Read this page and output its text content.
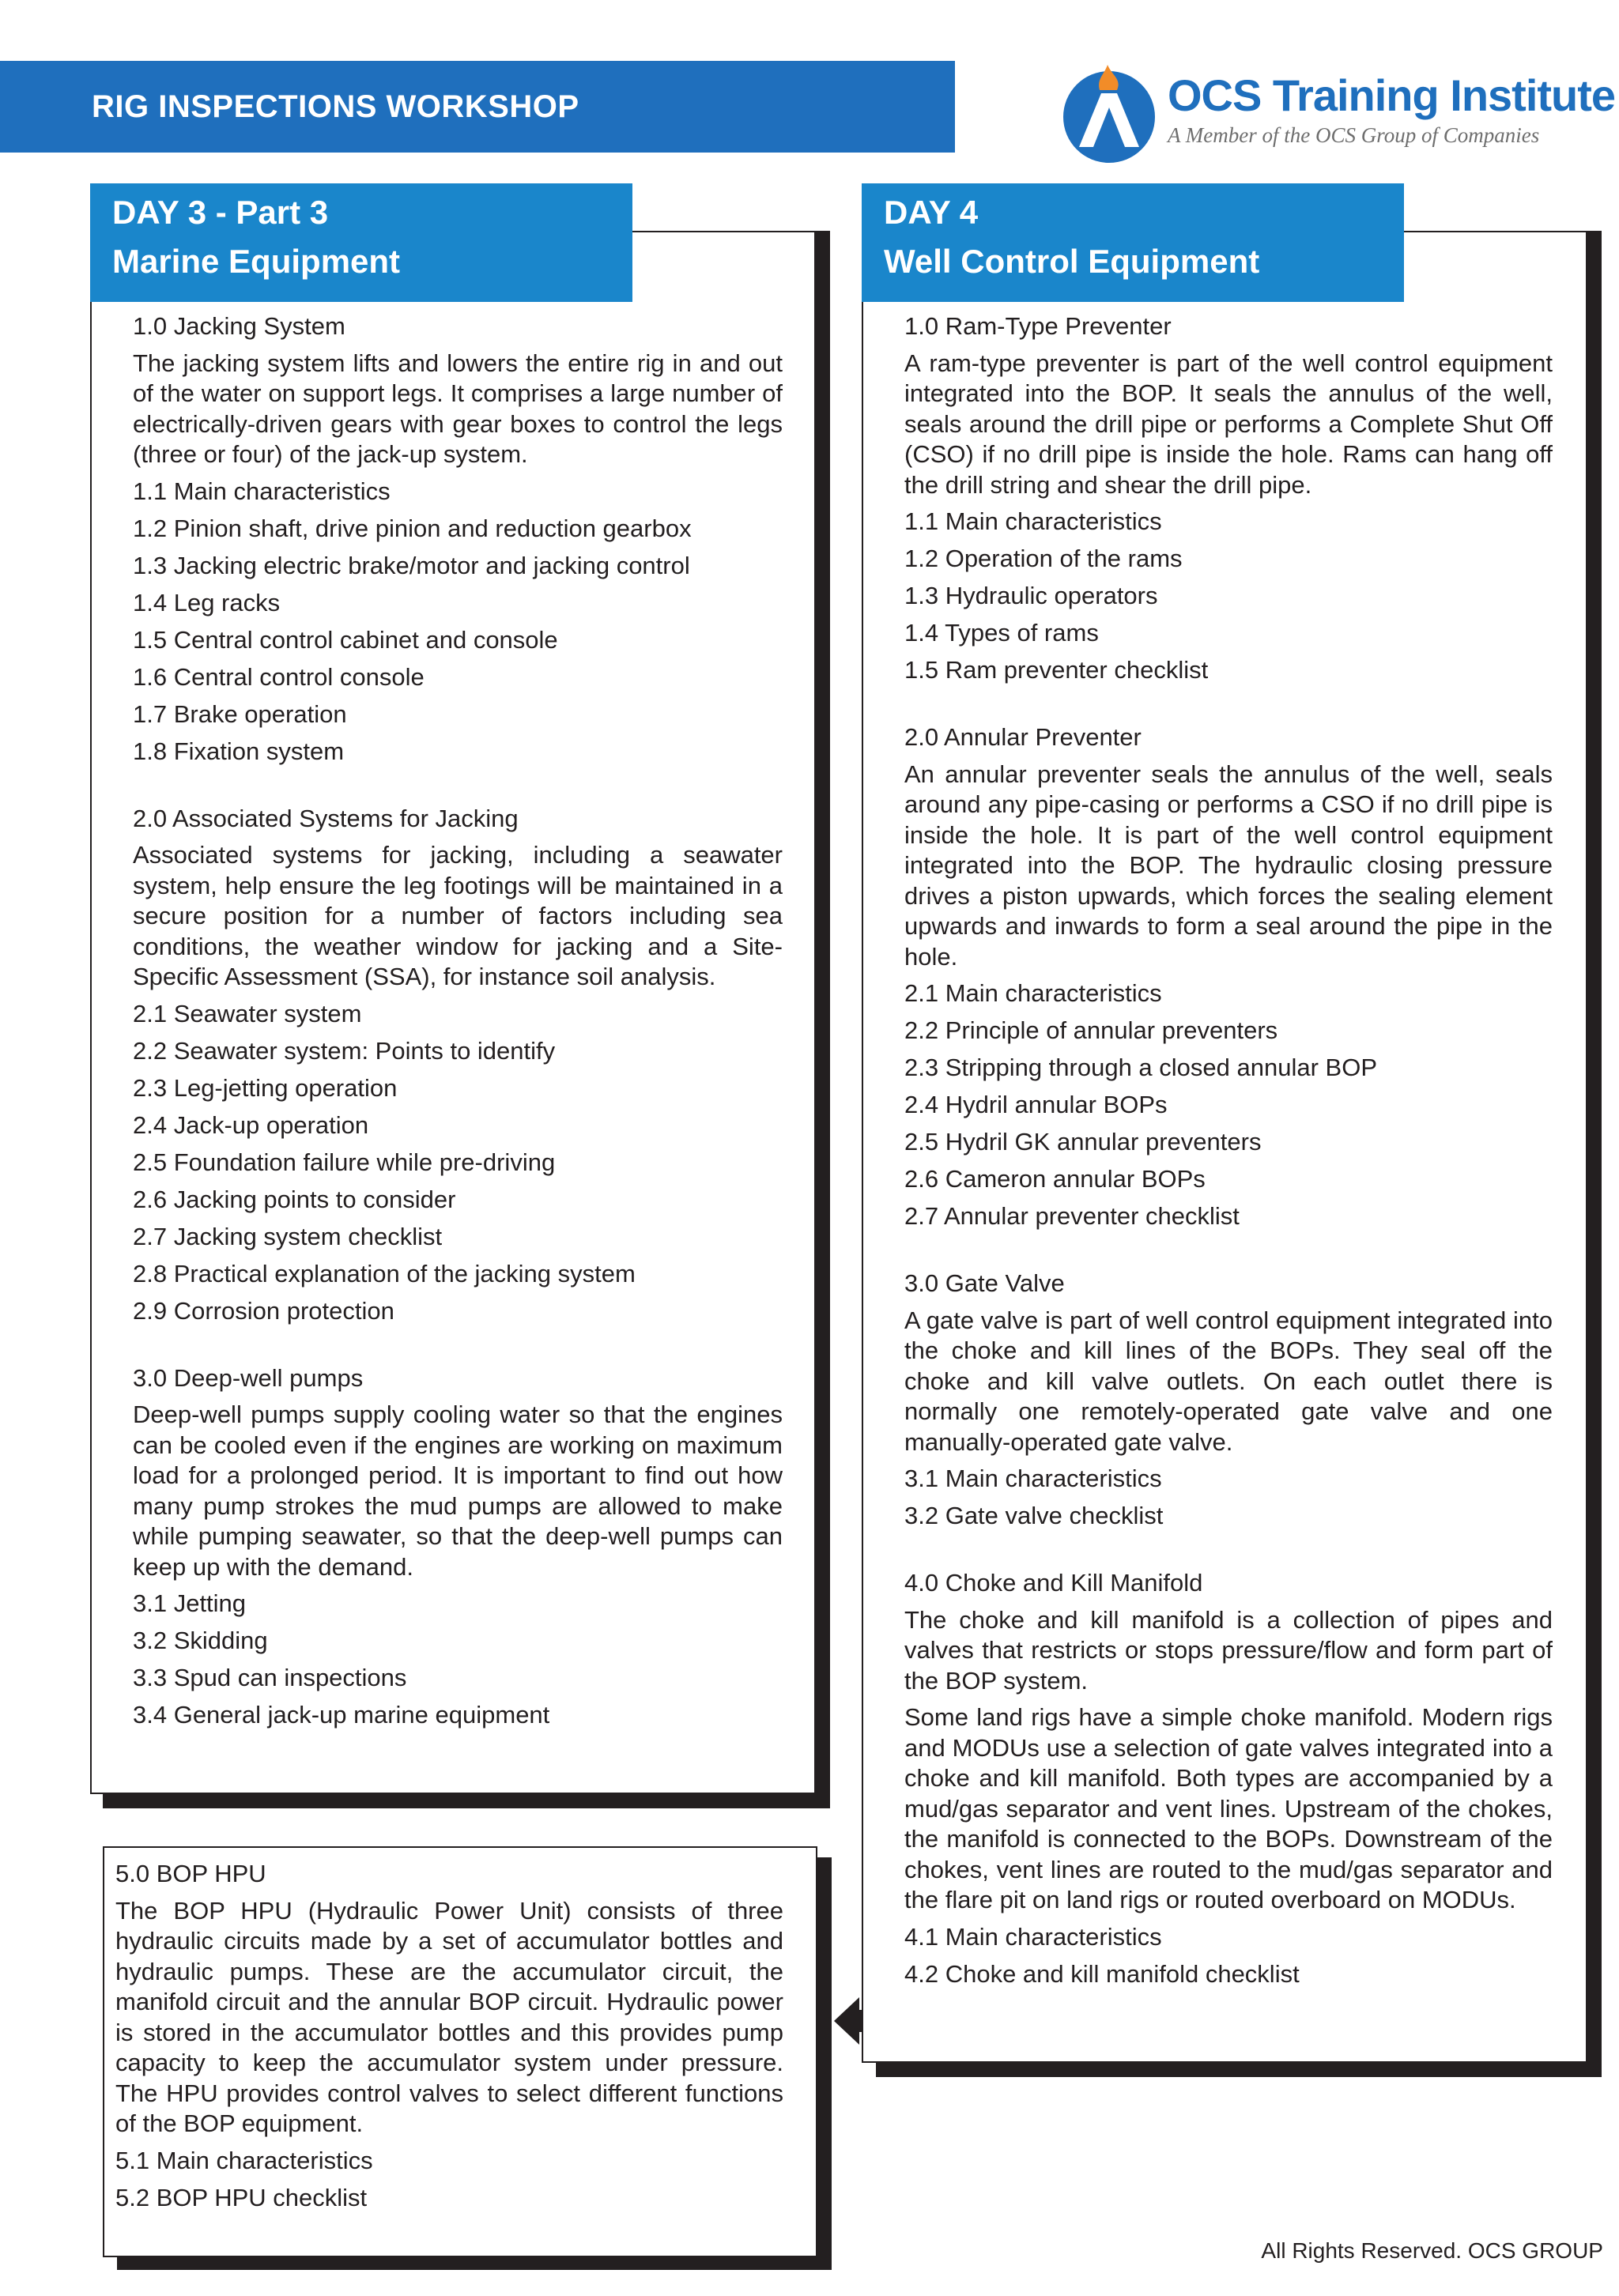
RIG INSPECTIONS WORKSHOP	OCS Training Institute
A Member of the OCS Group of Companies
DAY 3 - Part 3
Marine Equipment
1.0 Jacking System
The jacking system lifts and lowers the entire rig in and out of the water on support legs. It comprises a large number of electrically-driven gears with gear boxes to control the legs (three or four) of the jack-up system.
1.1 Main characteristics
1.2 Pinion shaft, drive pinion and reduction gearbox
1.3 Jacking electric brake/motor and jacking control
1.4 Leg racks
1.5 Central control cabinet and console
1.6 Central control console
1.7 Brake operation
1.8 Fixation system
2.0 Associated Systems for Jacking
Associated systems for jacking, including a seawater system, help ensure the leg footings will be maintained in a secure position for a number of factors including sea conditions, the weather window for jacking and a Site-Specific Assessment (SSA), for instance soil analysis.
2.1 Seawater system
2.2 Seawater system: Points to identify
2.3 Leg-jetting operation
2.4 Jack-up operation
2.5 Foundation failure while pre-driving
2.6 Jacking points to consider
2.7 Jacking system checklist
2.8 Practical explanation of the jacking system
2.9 Corrosion protection
3.0 Deep-well pumps
Deep-well pumps supply cooling water so that the engines can be cooled even if the engines are working on maximum load for a prolonged period. It is important to find out how many pump strokes the mud pumps are allowed to make while pumping seawater, so that the deep-well pumps can keep up with the demand.
3.1 Jetting
3.2 Skidding
3.3 Spud can inspections
3.4 General jack-up marine equipment
5.0 BOP HPU
The BOP HPU (Hydraulic Power Unit) consists of three hydraulic circuits made by a set of accumulator bottles and hydraulic pumps. These are the accumulator circuit, the manifold circuit and the annular BOP circuit. Hydraulic power is stored in the accumulator bottles and this provides pump capacity to keep the accumulator system under pressure. The HPU provides control valves to select different functions of the BOP equipment.
5.1 Main characteristics
5.2 BOP HPU checklist
DAY 4
Well Control Equipment
1.0 Ram-Type Preventer
A ram-type preventer is part of the well control equipment integrated into the BOP. It seals the annulus of the well, seals around the drill pipe or performs a Complete Shut Off (CSO) if no drill pipe is inside the hole. Rams can hang off the drill string and shear the drill pipe.
1.1 Main characteristics
1.2 Operation of the rams
1.3 Hydraulic operators
1.4 Types of rams
1.5 Ram preventer checklist
2.0 Annular Preventer
An annular preventer seals the annulus of the well, seals around any pipe-casing or performs a CSO if no drill pipe is inside the hole. It is part of the well control equipment integrated into the BOP. The hydraulic closing pressure drives a piston upwards, which forces the sealing element upwards and inwards to form a seal around the pipe in the hole.
2.1 Main characteristics
2.2 Principle of annular preventers
2.3 Stripping through a closed annular BOP
2.4 Hydril annular BOPs
2.5 Hydril GK annular preventers
2.6 Cameron annular BOPs
2.7 Annular preventer checklist
3.0 Gate Valve
A gate valve is part of well control equipment integrated into the choke and kill lines of the BOPs. They seal off the choke and kill valve outlets. On each outlet there is normally one remotely-operated gate valve and one manually-operated gate valve.
3.1 Main characteristics
3.2 Gate valve checklist
4.0 Choke and Kill Manifold
The choke and kill manifold is a collection of pipes and valves that restricts or stops pressure/flow and form part of the BOP system.
Some land rigs have a simple choke manifold. Modern rigs and MODUs use a selection of gate valves integrated into a choke and kill manifold. Both types are accompanied by a mud/gas separator and vent lines. Upstream of the chokes, the manifold is connected to the BOPs. Downstream of the chokes, vent lines are routed to the mud/gas separator and the flare pit on land rigs or routed overboard on MODUs.
4.1 Main characteristics
4.2 Choke and kill manifold checklist
All Rights Reserved. OCS GROUP
